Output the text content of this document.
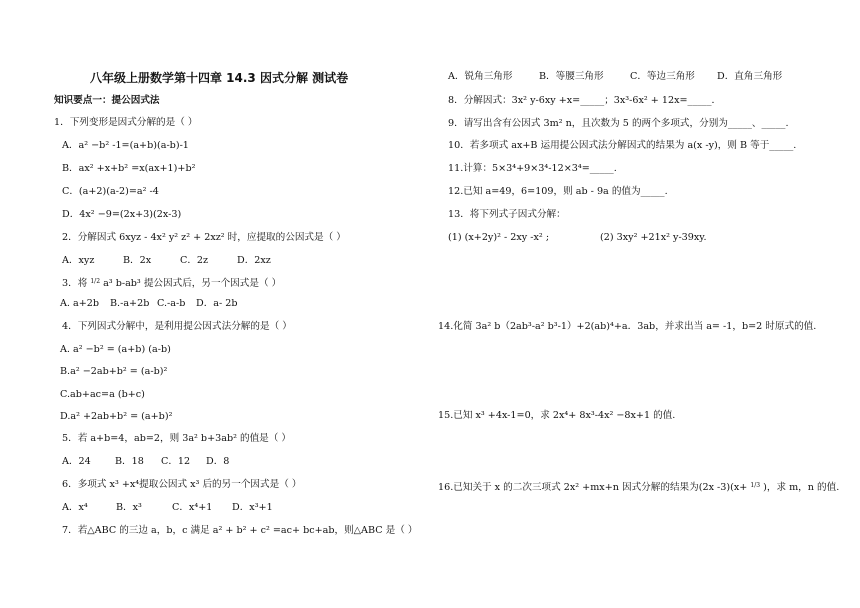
八年级上册数学第十四章 14.3 因式分解 测试卷
知识要点一：提公因式法
1．下列变形是因式分解的是（ ）
A．a² −b² -1=(a+b)(a-b)-1
B．ax² +x+b² =x(ax+1)+b²
C．(a+2)(a-2)=a² -4
D．4x² −9=(2x+3)(2x-3)
2．分解因式 6xyz - 4x² y² z² + 2xz² 时，应提取的公因式是（ ）
A．xyz	B．2x	C．2z	D．2xz
3．将 1/2 a³ b-ab³ 提公因式后，另一个因式是（ ）
A. a+2b B.-a+2b C.-a-b D．a- 2b
4．下列因式分解中，是利用提公因式法分解的是（ ）
A. a² −b² = (a+b) (a-b)
B.a² −2ab+b² = (a-b)²
C.ab+ac=a (b+c)
D.a² +2ab+b² = (a+b)²
5．若 a+b=4，ab=2，则 3a² b+3ab² 的值是（ ）
A．24	B．18 C．12 D．8
6．多项式 x³ +x⁴提取公因式 x³ 后的另一个因式是（ ）
A．x⁴	B．x³	C．x⁴+1 D．x³+1
7．若△ABC 的三边 a，b，c 满足 a² + b² + c² =ac+ bc+ab，则△ABC 是（ ）
A．锐角三角形	B．等腰三角形	C．等边三角形 D．直角三角形
8．分解因式：3x² y-6xy +x=_____；3x³-6x² + 12x=_____．
9．请写出含有公因式 3m² n，且次数为 5 的两个多项式，分别为_____、_____.
10．若多项式 ax+B 运用提公因式法分解因式的结果为 a(x -y)，则 B 等于_____.
11.计算：5×3⁴+9×3⁴-12×3⁴=_____.
12.已知 a=49，6=109，则 ab - 9a 的值为_____.
13．将下列式子因式分解：
(1) (x+2y)² - 2xy -x² ;	(2) 3xy² +21x² y-39xy.
14.化简 3a² b（2ab³-a² b³-1）+2(ab)⁴+a．3ab，并求出当 a= -1，b=2 时原式的值.
15.已知 x³ +4x-1=0，求 2x⁴+ 8x³-4x² −8x+1 的值.
16.已知关于 x 的二次三项式 2x² +mx+n 因式分解的结果为(2x -3)(x+ 1/3 )，求 m，n 的值.
